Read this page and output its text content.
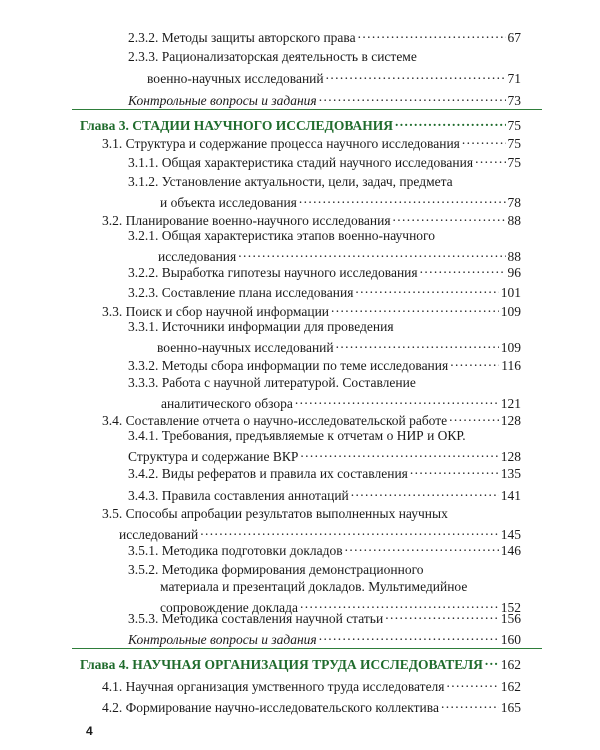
2.3.2. Методы защиты авторского права . . .	67
2.3.3. Рационализаторская деятельность в системе
военно-научных исследований . . .	71
Контрольные вопросы и задания . . .	73
Глава 3. СТАДИИ НАУЧНОГО ИССЛЕДОВАНИЯ . . .	75
3.1. Структура и содержание процесса научного исследования . . .	75
3.1.1. Общая характеристика стадий научного исследования . . .	75
3.1.2. Установление актуальности, цели, задач, предмета
и объекта исследования . . .	78
3.2. Планирование военно-научного исследования . . .	88
3.2.1. Общая характеристика этапов военно-научного
исследования . . .	88
3.2.2. Выработка гипотезы научного исследования . . .	96
3.2.3. Составление плана исследования . . .	101
3.3. Поиск и сбор научной информации . . .	109
3.3.1. Источники информации для проведения
военно-научных исследований . . .	109
3.3.2. Методы сбора информации по теме исследования . . .	116
3.3.3. Работа с научной литературой. Составление
аналитического обзора . . .	121
3.4. Составление отчета о научно-исследовательской работе . . .	128
3.4.1. Требования, предъявляемые к отчетам о НИР и ОКР.
Структура и содержание ВКР . . .	128
3.4.2. Виды рефератов и правила их составления . . .	135
3.4.3. Правила составления аннотаций . . .	141
3.5. Способы апробации результатов выполненных научных
исследований . . .	145
3.5.1. Методика подготовки докладов . . .	146
3.5.2. Методика формирования демонстрационного
материала и презентаций докладов. Мультимедийное
сопровождение доклада . . .	152
3.5.3. Методика составления научной статьи . . .	156
Контрольные вопросы и задания . . .	160
Глава 4. НАУЧНАЯ ОРГАНИЗАЦИЯ ТРУДА ИССЛЕДОВАТЕЛЯ . . . 162
4.1. Научная организация умственного труда исследователя . . .	162
4.2. Формирование научно-исследовательского коллектива . . .	165
4
